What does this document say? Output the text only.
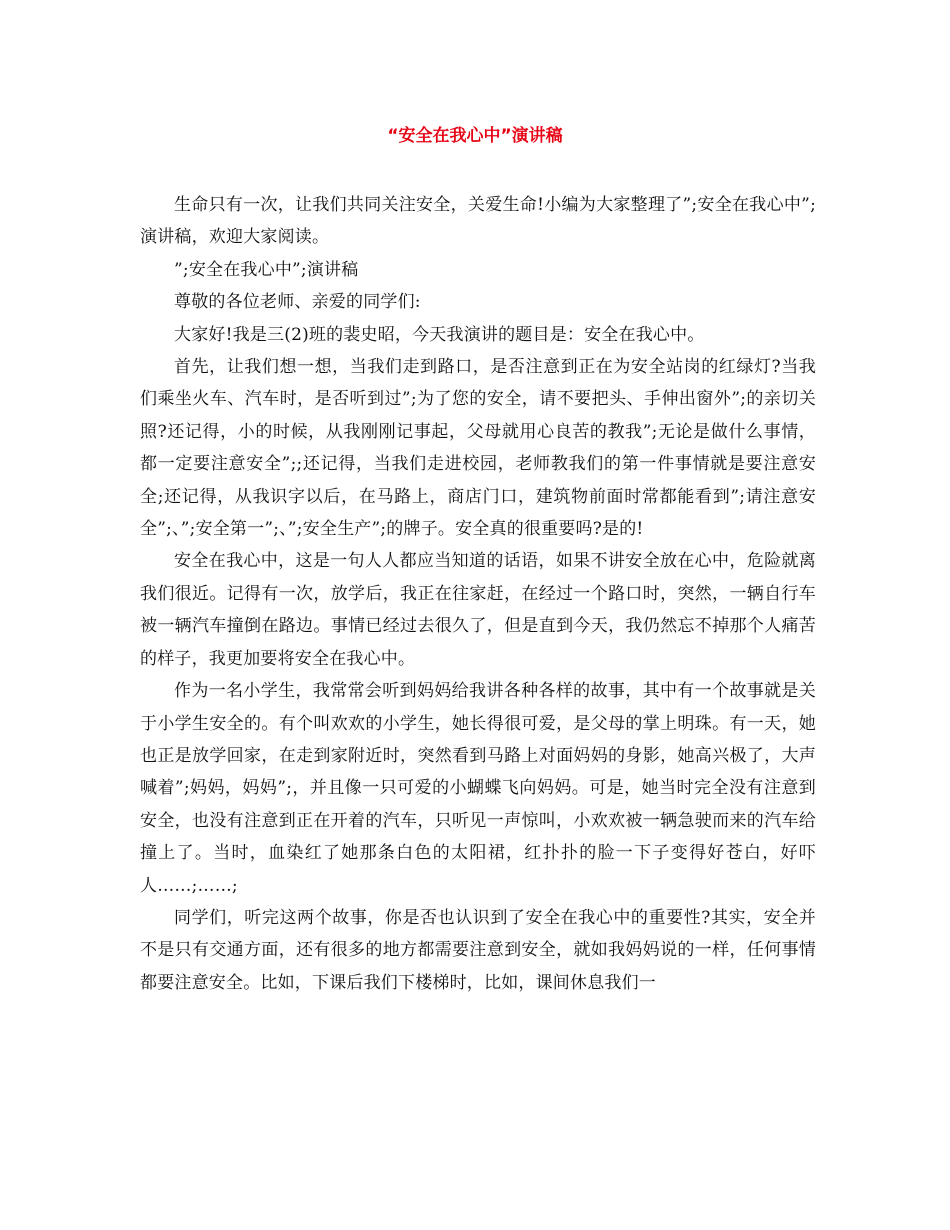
“安全在我心中”演讲稿

生命只有一次，让我们共同关注安全，关爱生命!小编为大家整理了”;安全在我心中”;演讲稿，欢迎大家阅读。

”;安全在我心中”;演讲稿

尊敬的各位老师、亲爱的同学们:

大家好!我是三(2)班的裴史昭，今天我演讲的题目是：安全在我心中。

首先，让我们想一想，当我们走到路口，是否注意到正在为安全站岗的红绿灯?当我们乘坐火车、汽车时，是否听到过”;为了您的安全，请不要把头、手伸出窗外”;的亲切关照?还记得，小的时候，从我刚刚记事起，父母就用心良苦的教我”;无论是做什么事情，都一定要注意安全”;;还记得，当我们走进校园，老师教我们的第一件事情就是要注意安全;还记得，从我识字以后，在马路上，商店门口，建筑物前面时常都能看到”;请注意安全”;、”;安全第一”;、”;安全生产”;的牌子。安全真的很重要吗?是的!

安全在我心中，这是一句人人都应当知道的话语，如果不讲安全放在心中，危险就离我们很近。记得有一次，放学后，我正在往家赶，在经过一个路口时，突然，一辆自行车被一辆汽车撞倒在路边。事情已经过去很久了，但是直到今天，我仍然忘不掉那个人痛苦的样子，我更加要将安全在我心中。

作为一名小学生，我常常会听到妈妈给我讲各种各样的故事，其中有一个故事就是关于小学生安全的。有个叫欢欢的小学生，她长得很可爱，是父母的掌上明珠。有一天，她也正是放学回家，在走到家附近时，突然看到马路上对面妈妈的身影，她高兴极了，大声喊着”;妈妈，妈妈”;，并且像一只可爱的小蝴蝶飞向妈妈。可是，她当时完全没有注意到安全，也没有注意到正在开着的汽车，只听见一声惊叫，小欢欢被一辆急驶而来的汽车给撞上了。当时，血染红了她那条白色的太阳裙，红扑扑的脸一下子变得好苍白，好吓人……;……;

同学们，听完这两个故事，你是否也认识到了安全在我心中的重要性?其实，安全并不是只有交通方面，还有很多的地方都需要注意到安全，就如我妈妈说的一样，任何事情都要注意安全。比如，下课后我们下楼梯时，比如，课间休息我们一
